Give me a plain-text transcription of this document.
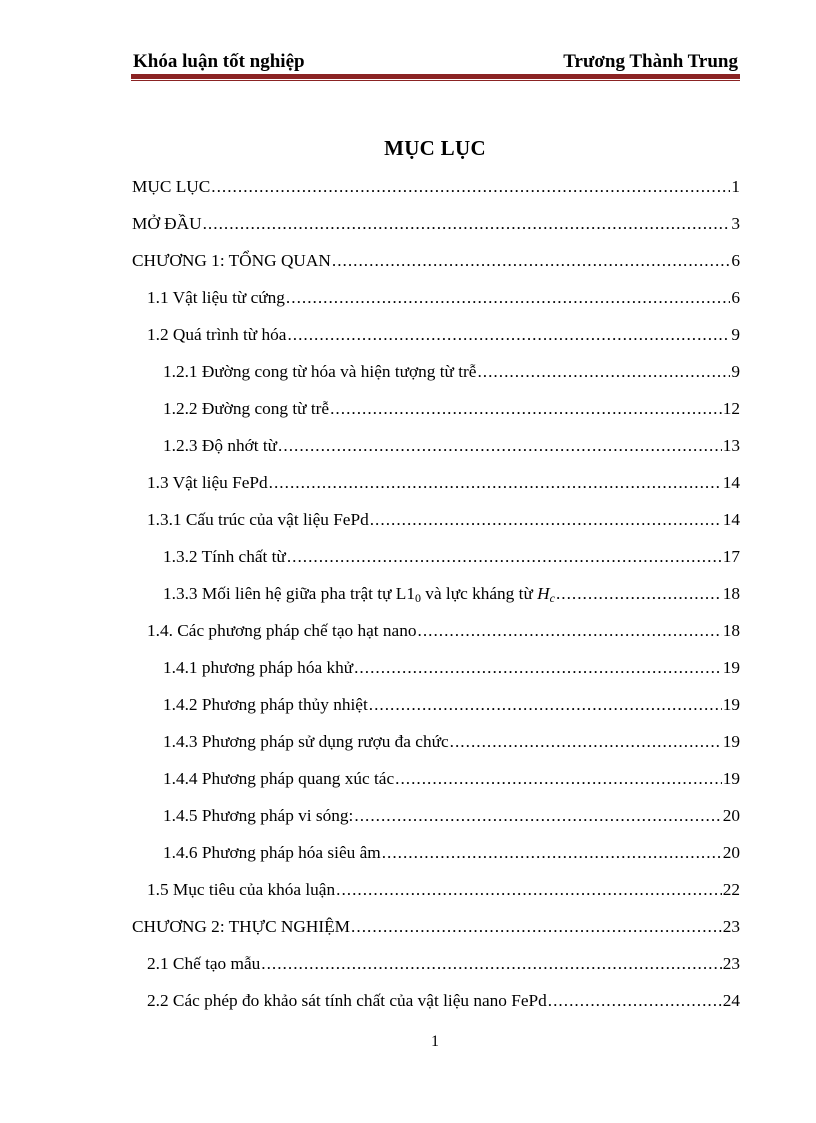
Khóa luận tốt nghiệp	Trương Thành Trung
MỤC LỤC
MỤC LỤC .....	1
MỞ ĐẦU .....	3
CHƯƠNG 1: TỔNG QUAN .....	6
1.1 Vật liệu từ cứng .....	6
1.2 Quá trình từ hóa .....	9
1.2.1 Đường cong từ hóa và hiện tượng từ trễ .....	9
1.2.2 Đường cong từ trễ .....	12
1.2.3 Độ nhớt từ .....	13
1.3 Vật liệu FePd .....	14
1.3.1 Cấu trúc của vật liệu FePd .....	14
1.3.2 Tính chất từ .....	17
1.3.3 Mối liên hệ giữa pha trật tự $L1_0$ và lực kháng từ Hc .....	18
1.4. Các phương pháp chế tạo hạt nano .....	18
1.4.1 phương pháp hóa khử .....	19
1.4.2 Phương pháp thủy nhiệt .....	19
1.4.3 Phương pháp sử dụng rượu đa chức .....	19
1.4.4 Phương pháp quang xúc tác .....	19
1.4.5 Phương pháp vi sóng: .....	20
1.4.6 Phương pháp hóa siêu âm .....	20
1.5 Mục tiêu của khóa luận .....	22
CHƯƠNG 2: THỰC NGHIỆM .....	23
2.1 Chế tạo mẫu .....	23
2.2 Các phép đo khảo sát tính chất của vật liệu nano FePd .....	24
1
